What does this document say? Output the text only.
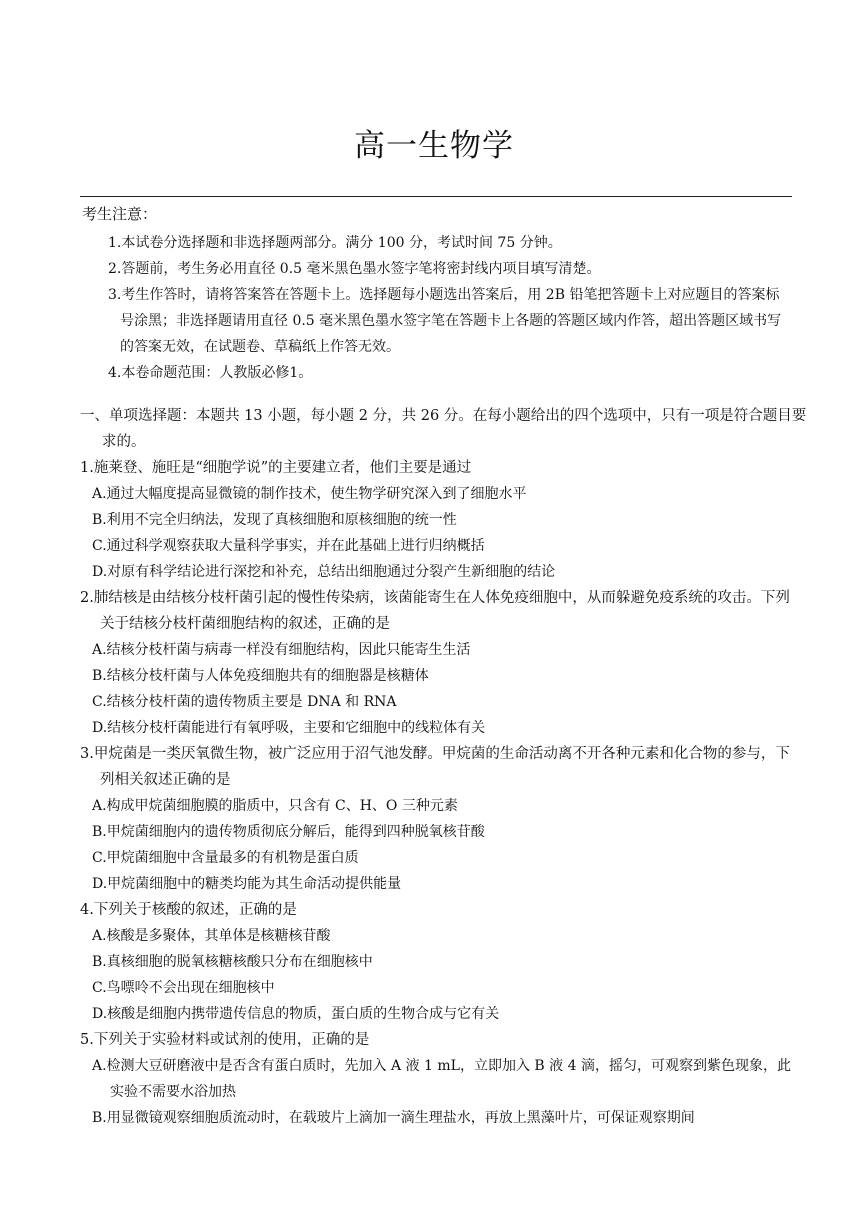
高一生物学
考生注意：
1.本试卷分选择题和非选择题两部分。满分 100 分，考试时间 75 分钟。
2.答题前，考生务必用直径 0.5 毫米黑色墨水签字笔将密封线内项目填写清楚。
3.考生作答时，请将答案答在答题卡上。选择题每小题选出答案后，用 2B 铅笔把答题卡上对应题目的答案标号涂黑；非选择题请用直径 0.5 毫米黑色墨水签字笔在答题卡上各题的答题区域内作答，超出答题区域书写的答案无效，在试题卷、草稿纸上作答无效。
4.本卷命题范围：人教版必修1。
一、单项选择题：本题共 13 小题，每小题 2 分，共 26 分。在每小题给出的四个选项中，只有一项是符合题目要求的。
1.施莱登、施旺是“细胞学说”的主要建立者，他们主要是通过
A.通过大幅度提高显微镜的制作技术，使生物学研究深入到了细胞水平
B.利用不完全归纳法，发现了真核细胞和原核细胞的统一性
C.通过科学观察获取大量科学事实，并在此基础上进行归纳概括
D.对原有科学结论进行深挖和补充，总结出细胞通过分裂产生新细胞的结论
2.肺结核是由结核分枝杆菌引起的慢性传染病，该菌能寄生在人体免疫细胞中，从而躲避免疫系统的攻击。下列关于结核分枝杆菌细胞结构的叙述，正确的是
A.结核分枝杆菌与病毒一样没有细胞结构，因此只能寄生生活
B.结核分枝杆菌与人体免疫细胞共有的细胞器是核糖体
C.结核分枝杆菌的遗传物质主要是 DNA 和 RNA
D.结核分枝杆菌能进行有氧呼吸，主要和它细胞中的线粒体有关
3.甲烷菌是一类厌氧微生物，被广泛应用于沼气池发酵。甲烷菌的生命活动离不开各种元素和化合物的参与，下列相关叙述正确的是
A.构成甲烷菌细胞膜的脂质中，只含有 C、H、O 三种元素
B.甲烷菌细胞内的遗传物质彻底分解后，能得到四种脱氧核苷酸
C.甲烷菌细胞中含量最多的有机物是蛋白质
D.甲烷菌细胞中的糖类均能为其生命活动提供能量
4.下列关于核酸的叙述，正确的是
A.核酸是多聚体，其单体是核糖核苷酸
B.真核细胞的脱氧核糖核酸只分布在细胞核中
C.鸟嘌呤不会出现在细胞核中
D.核酸是细胞内携带遗传信息的物质，蛋白质的生物合成与它有关
5.下列关于实验材料或试剂的使用，正确的是
A.检测大豆研磨液中是否含有蛋白质时，先加入 A 液 1 mL，立即加入 B 液 4 滴，摇匀，可观察到紫色现象，此实验不需要水浴加热
B.用显微镜观察细胞质流动时，在载玻片上滴加一滴生理盐水，再放上黑藻叶片，可保证观察期间
